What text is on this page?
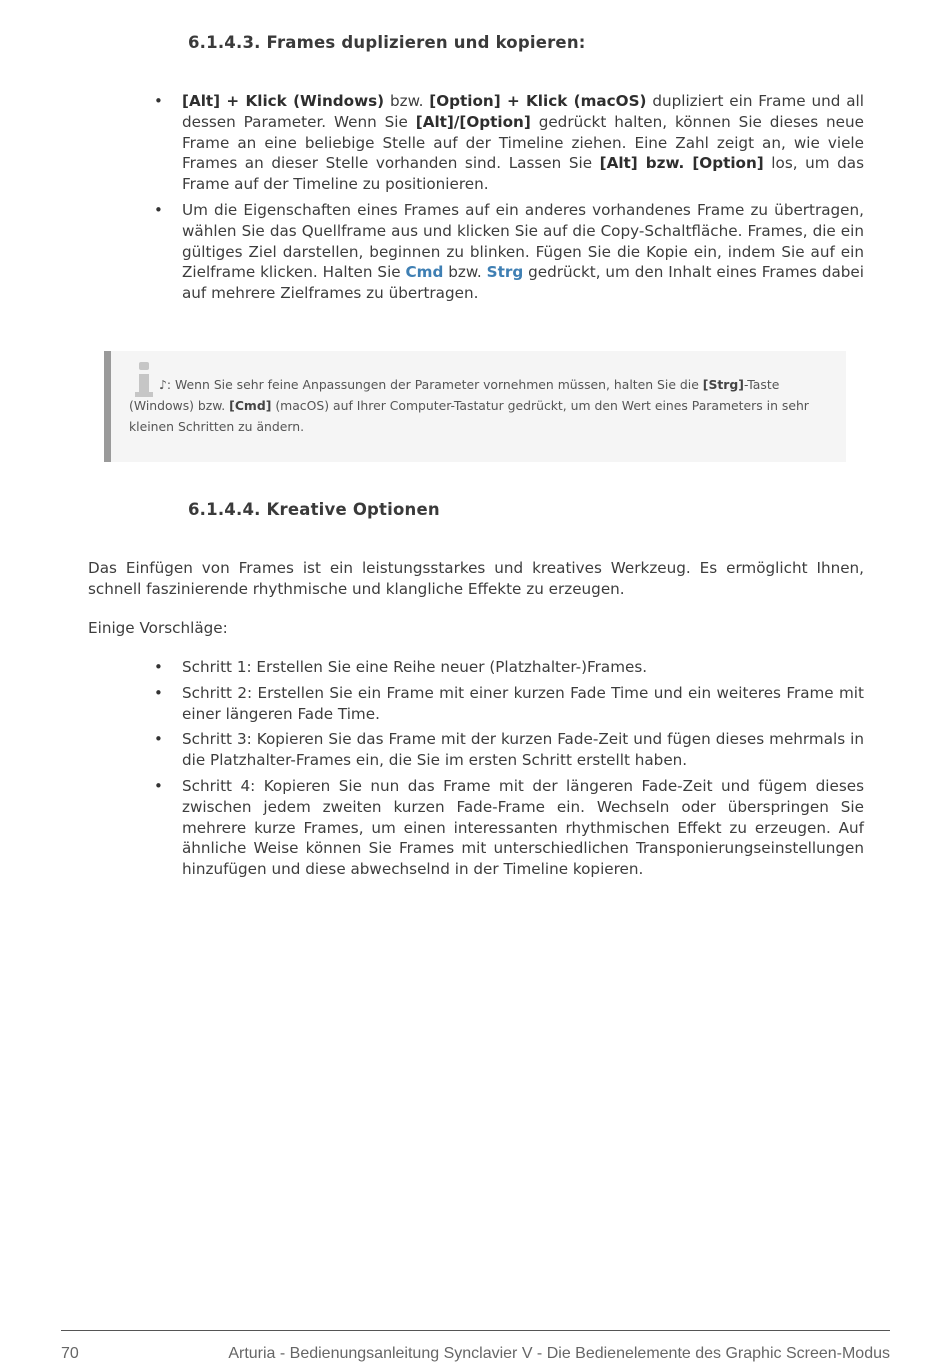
6.1.4.3. Frames duplizieren und kopieren:
• [Alt] + Klick (Windows) bzw. [Option] + Klick (macOS) dupliziert ein Frame und all dessen Parameter. Wenn Sie [Alt]/[Option] gedrückt halten, können Sie dieses neue Frame an eine beliebige Stelle auf der Timeline ziehen. Eine Zahl zeigt an, wie viele Frames an dieser Stelle vorhanden sind. Lassen Sie [Alt] bzw. [Option] los, um das Frame auf der Timeline zu positionieren.
• Um die Eigenschaften eines Frames auf ein anderes vorhandenes Frame zu übertragen, wählen Sie das Quellframe aus und klicken Sie auf die Copy-Schaltfläche. Frames, die ein gültiges Ziel darstellen, beginnen zu blinken. Fügen Sie die Kopie ein, indem Sie auf ein Zielframe klicken. Halten Sie Cmd bzw. Strg gedrückt, um den Inhalt eines Frames dabei auf mehrere Zielframes zu übertragen.

♪: Wenn Sie sehr feine Anpassungen der Parameter vornehmen müssen, halten Sie die [Strg]-Taste (Windows) bzw. [Cmd] (macOS) auf Ihrer Computer-Tastatur gedrückt, um den Wert eines Parameters in sehr kleinen Schritten zu ändern.

6.1.4.4. Kreative Optionen

Das Einfügen von Frames ist ein leistungsstarkes und kreatives Werkzeug. Es ermöglicht Ihnen, schnell faszinierende rhythmische und klangliche Effekte zu erzeugen.

Einige Vorschläge:

• Schritt 1: Erstellen Sie eine Reihe neuer (Platzhalter-)Frames.
• Schritt 2: Erstellen Sie ein Frame mit einer kurzen Fade Time und ein weiteres Frame mit einer längeren Fade Time.
• Schritt 3: Kopieren Sie das Frame mit der kurzen Fade-Zeit und fügen dieses mehrmals in die Platzhalter-Frames ein, die Sie im ersten Schritt erstellt haben.
• Schritt 4: Kopieren Sie nun das Frame mit der längeren Fade-Zeit und fügem dieses zwischen jedem zweiten kurzen Fade-Frame ein. Wechseln oder überspringen Sie mehrere kurze Frames, um einen interessanten rhythmischen Effekt zu erzeugen. Auf ähnliche Weise können Sie Frames mit unterschiedlichen Transponierungseinstellungen hinzufügen und diese abwechselnd in der Timeline kopieren.
70	Arturia - Bedienungsanleitung Synclavier V - Die Bedienelemente des Graphic Screen-Modus
